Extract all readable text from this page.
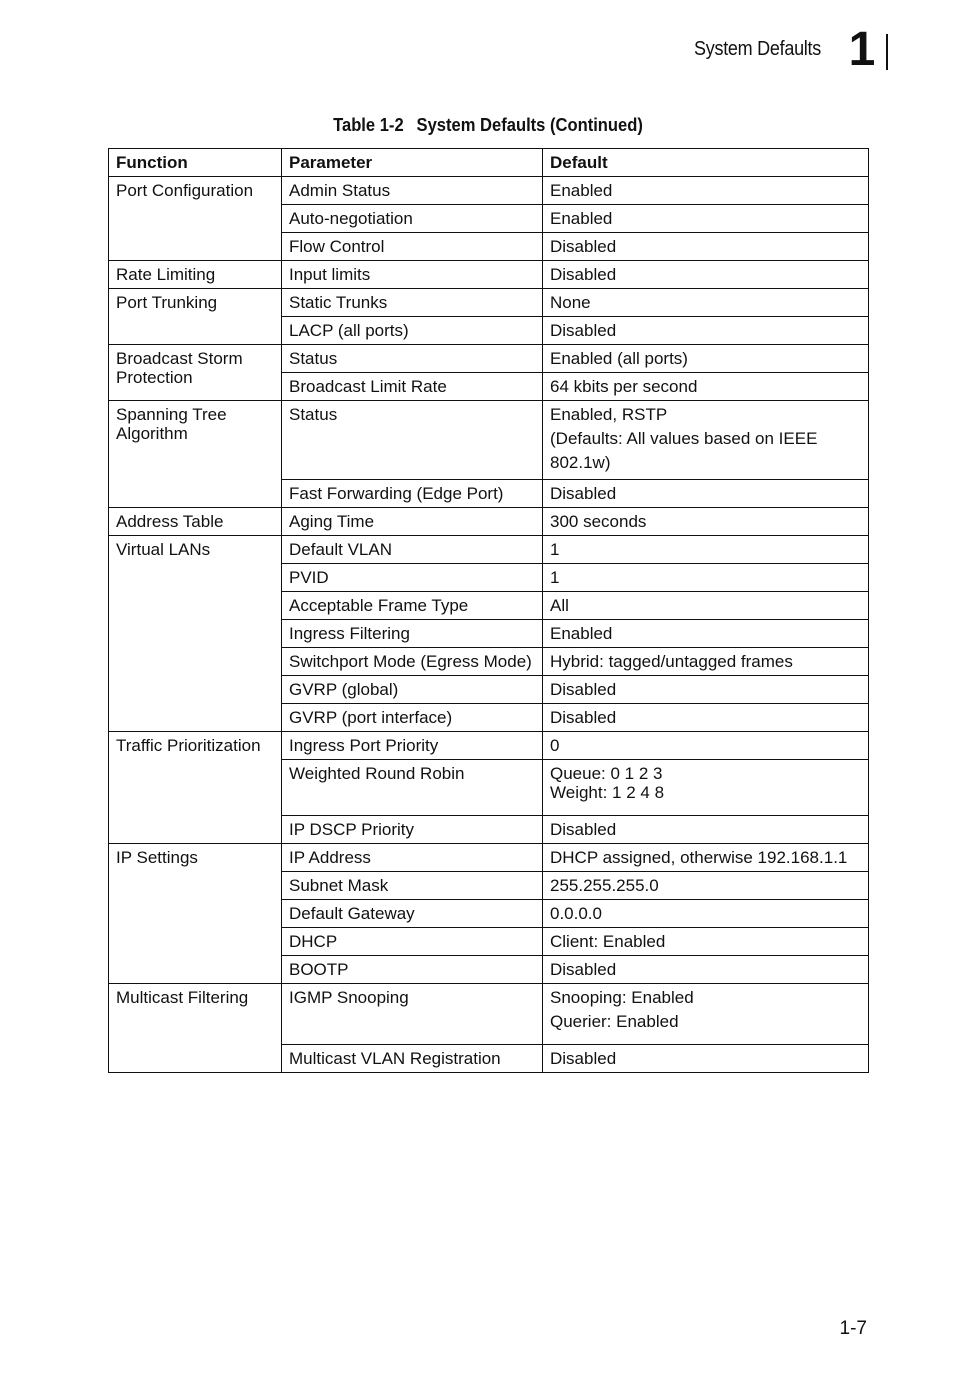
System Defaults 1
Table 1-2 System Defaults (Continued)
Function	Parameter	Default
Port Configuration	Admin Status	Enabled
	Auto-negotiation	Enabled
	Flow Control	Disabled
Rate Limiting	Input limits	Disabled
Port Trunking	Static Trunks	None
	LACP (all ports)	Disabled

Broadcast Storm
Protection	Status	Enabled (all ports)
	Broadcast Limit Rate	64 kbits per second

Spanning Tree
Algorithm	Status	Enabled, RSTP
(Defaults: All values based on IEEE 802.1w)

	Fast Forwarding (Edge Port)	Disabled
Address Table	Aging Time	300 seconds
Virtual LANs	Default VLAN	1
	PVID	1
	Acceptable Frame Type	All
	Ingress Filtering	Enabled
	Switchport Mode (Egress Mode)	Hybrid: tagged/untagged frames
	GVRP (global)	Disabled
	GVRP (port interface)	Disabled
Traffic Prioritization	Ingress Port Priority	0
	Weighted Round Robin	Queue: 0 1 2 3
Weight: 1 2 4 8

	IP DSCP Priority	Disabled
IP Settings	IP Address	DHCP assigned, otherwise 192.168.1.1
	Subnet Mask	255.255.255.0
	Default Gateway	0.0.0.0
	DHCP	Client: Enabled
	BOOTP	Disabled
Multicast Filtering	IGMP Snooping	Snooping: Enabled
Querier: Enabled

	Multicast VLAN Registration	Disabled
1-7
